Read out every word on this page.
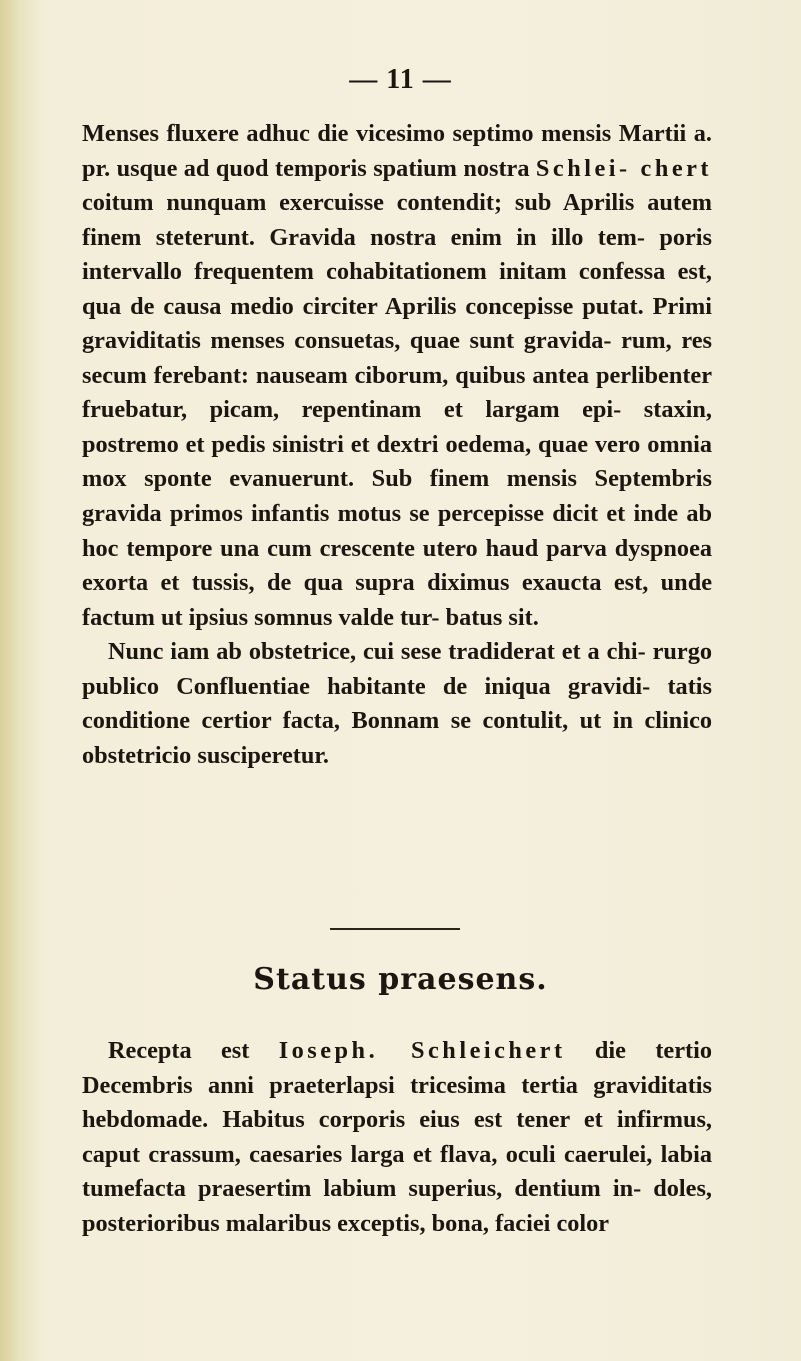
— 11 —
Menses fluxere adhuc die vicesimo septimo mensis Martii a. pr. usque ad quod temporis spatium nostra Schlei- chert coitum nunquam exercuisse contendit; sub Aprilis autem finem steterunt. Gravida nostra enim in illo tem- poris intervallo frequentem cohabitationem initam confessa est, qua de causa medio circiter Aprilis concepisse putat. Primi graviditatis menses consuetas, quae sunt gravida- rum, res secum ferebant: nauseam ciborum, quibus antea perlibenter fruebatur, picam, repentinam et largam epi- staxin, postremo et pedis sinistri et dextri oedema, quae vero omnia mox sponte evanuerunt. Sub finem mensis Septembris gravida primos infantis motus se percepisse dicit et inde ab hoc tempore una cum crescente utero haud parva dyspnoea exorta et tussis, de qua supra diximus exaucta est, unde factum ut ipsius somnus valde tur- batus sit.
Nunc iam ab obstetrice, cui sese tradiderat et a chi- rurgo publico Confluentiae habitante de iniqua gravidi- tatis conditione certior facta, Bonnam se contulit, ut in clinico obstetricio susciperetur.
Status praesens.
Recepta est Ioseph. Schleichert die tertio Decembris anni praeterlapsi tricesima tertia graviditatis hebdomade. Habitus corporis eius est tener et infirmus, caput crassum, caesaries larga et flava, oculi caerulei, labia tumefacta praesertim labium superius, dentium in- doles, posterioribus malaribus exceptis, bona, faciei color
